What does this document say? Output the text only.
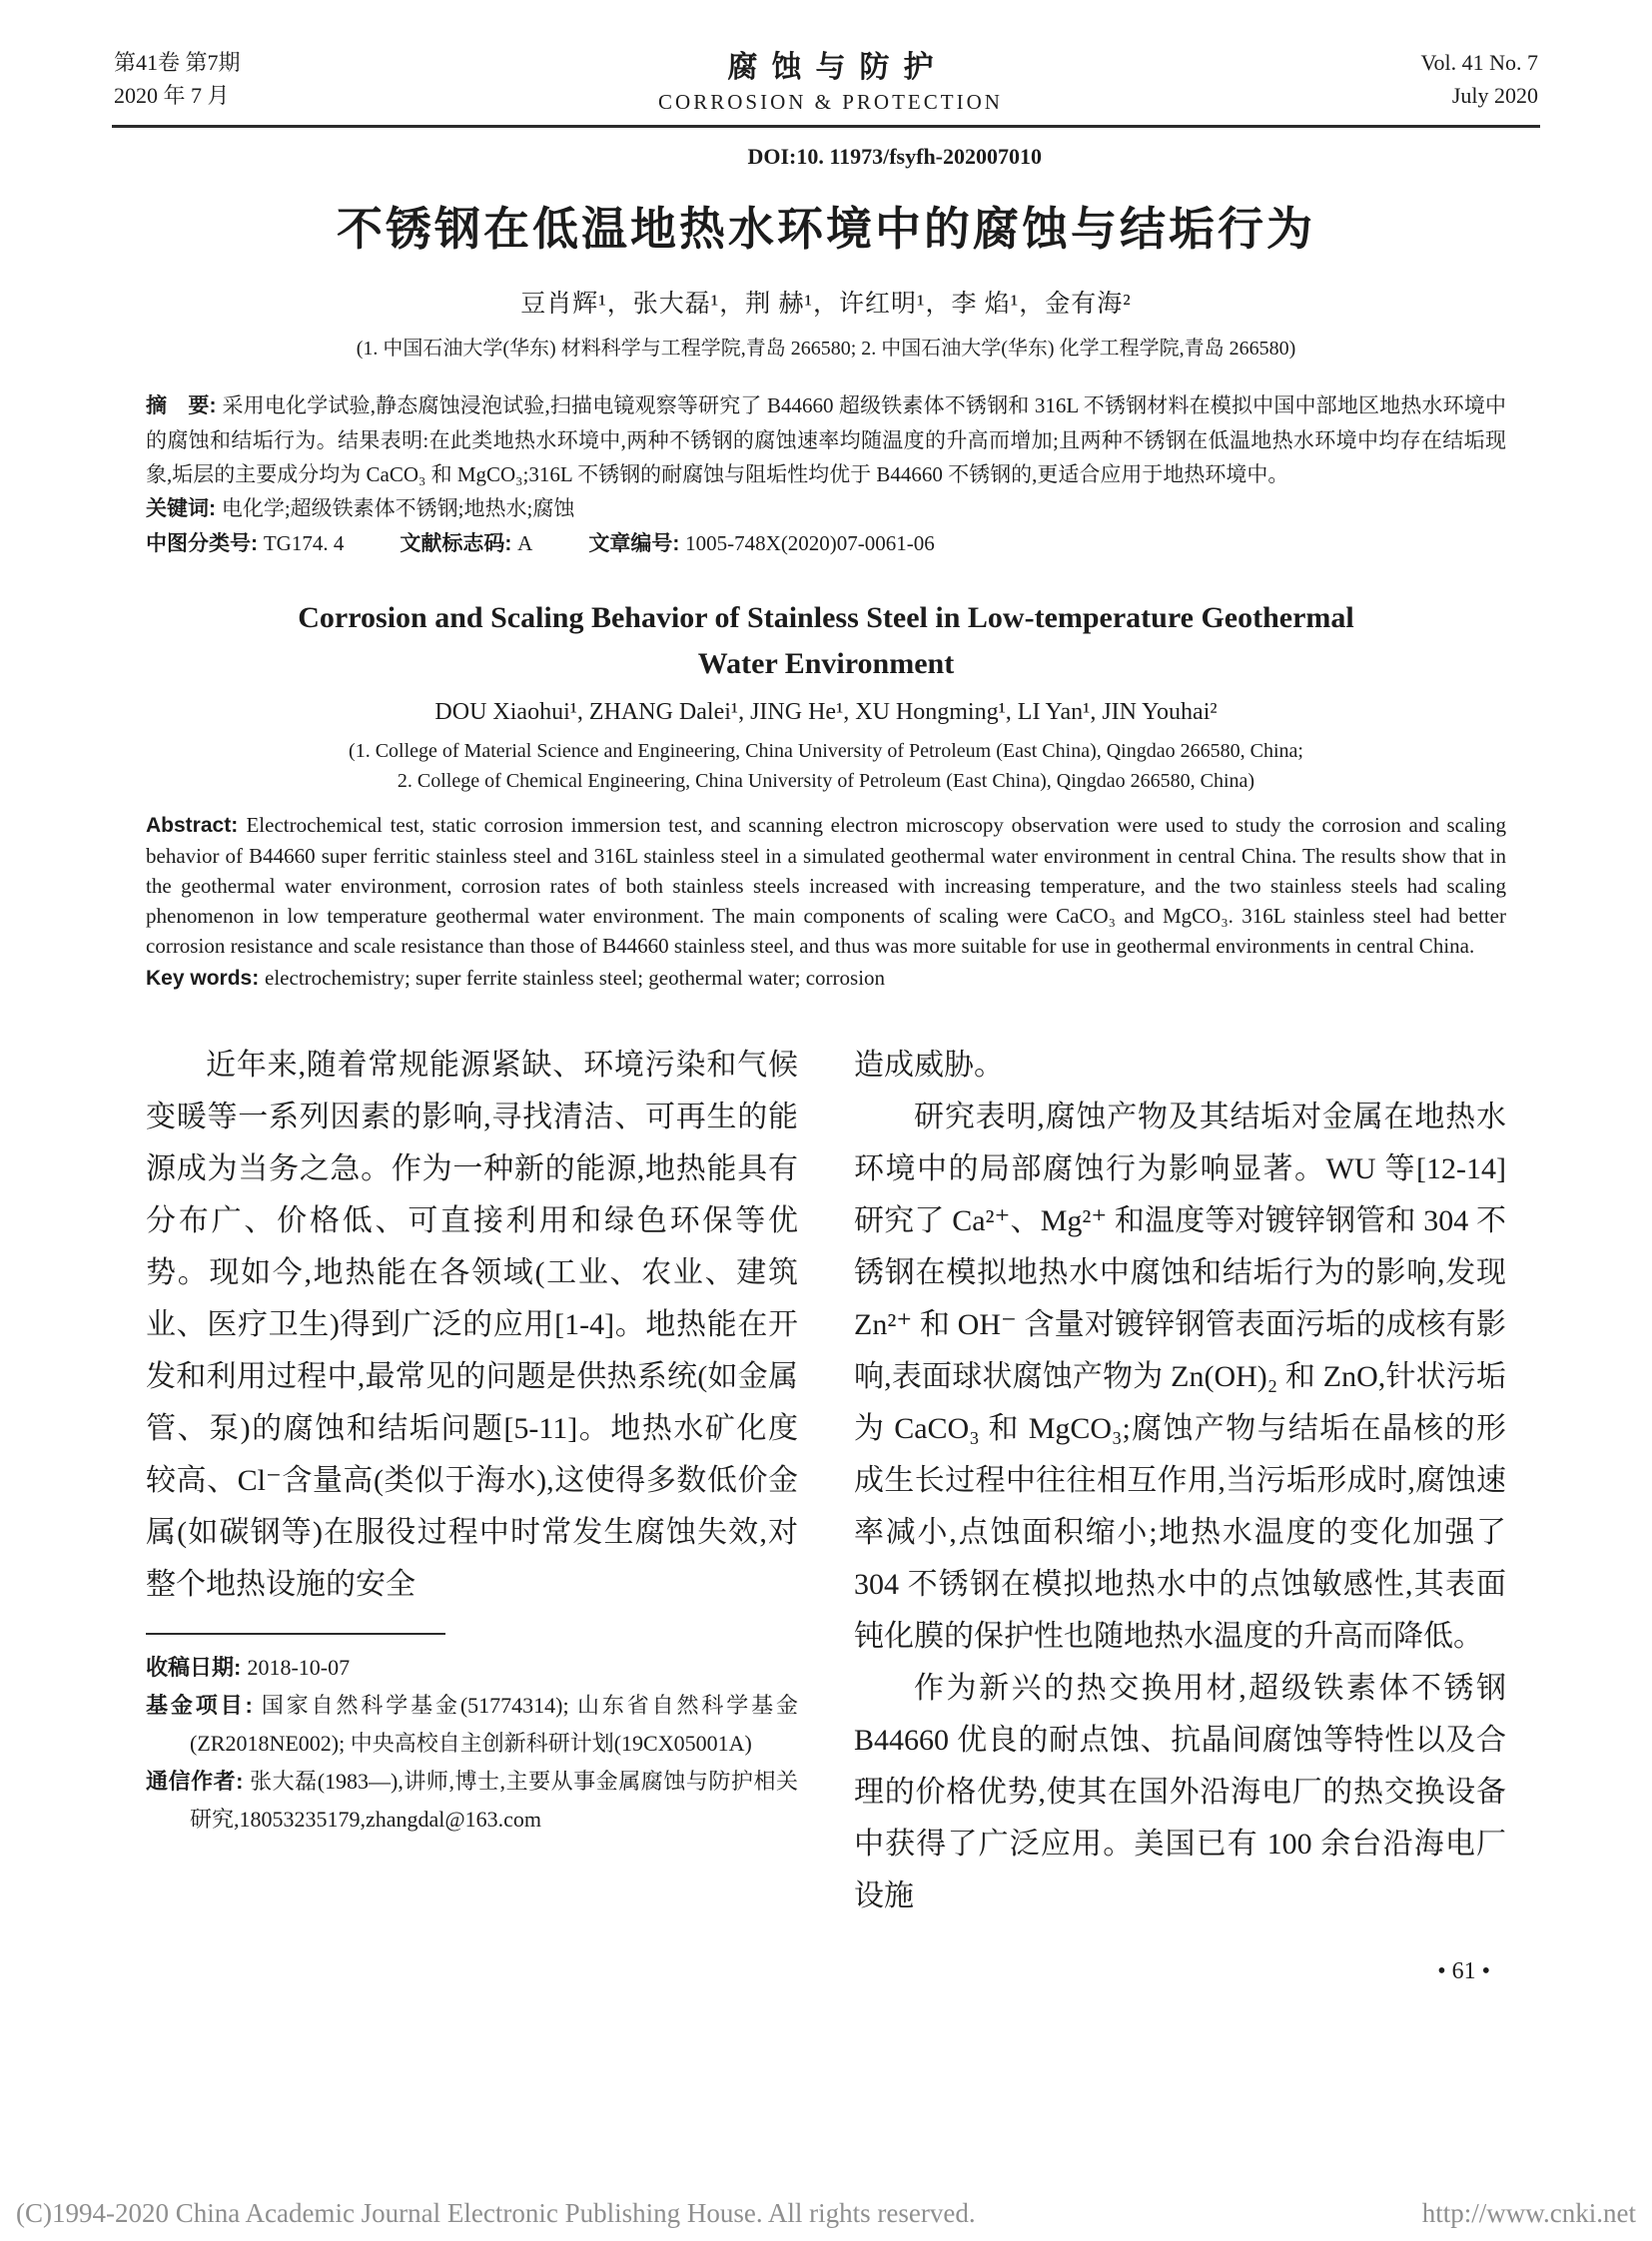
第41卷 第7期
2020 年 7 月
腐蚀与防护
CORROSION & PROTECTION
Vol. 41 No. 7
July 2020
DOI:10. 11973/fsyfh-202007010
不锈钢在低温地热水环境中的腐蚀与结垢行为
豆肖辉¹，张大磊¹，荆 赫¹，许红明¹，李 焰¹，金有海²
(1. 中国石油大学(华东) 材料科学与工程学院,青岛 266580; 2. 中国石油大学(华东) 化学工程学院,青岛 266580)

摘　要: 采用电化学试验,静态腐蚀浸泡试验,扫描电镜观察等研究了 B44660 超级铁素体不锈钢和 316L 不锈钢材料在模拟中国中部地区地热水环境中的腐蚀和结垢行为。结果表明:在此类地热水环境中,两种不锈钢的腐蚀速率均随温度的升高而增加;且两种不锈钢在低温地热水环境中均存在结垢现象,垢层的主要成分均为 CaCO₃ 和 MgCO₃;316L 不锈钢的耐腐蚀与阻垢性均优于 B44660 不锈钢的,更适合应用于地热环境中。

关键词: 电化学;超级铁素体不锈钢;地热水;腐蚀

中图分类号: TG174. 4	文献标志码: A	文章编号: 1005-748X(2020)07-0061-06

Corrosion and Scaling Behavior of Stainless Steel in Low-temperature Geothermal
Water Environment
DOU Xiaohui¹, ZHANG Dalei¹, JING He¹, XU Hongming¹, LI Yan¹, JIN Youhai²
(1. College of Material Science and Engineering, China University of Petroleum (East China), Qingdao 266580, China;
2. College of Chemical Engineering, China University of Petroleum (East China), Qingdao 266580, China)

Abstract: Electrochemical test, static corrosion immersion test, and scanning electron microscopy observation were used to study the corrosion and scaling behavior of B44660 super ferritic stainless steel and 316L stainless steel in a simulated geothermal water environment in central China. The results show that in the geothermal water environment, corrosion rates of both stainless steels increased with increasing temperature, and the two stainless steels had scaling phenomenon in low temperature geothermal water environment. The main components of scaling were CaCO₃ and MgCO₃. 316L stainless steel had better corrosion resistance and scale resistance than those of B44660 stainless steel, and thus was more suitable for use in geothermal environments in central China.

Key words: electrochemistry; super ferrite stainless steel; geothermal water; corrosion

近年来,随着常规能源紧缺、环境污染和气候变暖等一系列因素的影响,寻找清洁、可再生的能源成为当务之急。作为一种新的能源,地热能具有分布广、价格低、可直接利用和绿色环保等优势。现如今,地热能在各领域(工业、农业、建筑业、医疗卫生)得到广泛的应用[1-4]。地热能在开发和利用过程中,最常见的问题是供热系统(如金属管、泵)的腐蚀和结垢问题[5-11]。地热水矿化度较高、Cl⁻含量高(类似于海水),这使得多数低价金属(如碳钢等)在服役过程中时常发生腐蚀失效,对整个地热设施的安全

收稿日期: 2018-10-07

基金项目: 国家自然科学基金(51774314); 山东省自然科学基金(ZR2018NE002); 中央高校自主创新科研计划(19CX05001A)

通信作者: 张大磊(1983—),讲师,博士,主要从事金属腐蚀与防护相关研究,18053235179,zhangdal@163.com

造成威胁。

研究表明,腐蚀产物及其结垢对金属在地热水环境中的局部腐蚀行为影响显著。WU 等[12-14]研究了 Ca²⁺、Mg²⁺ 和温度等对镀锌钢管和 304 不锈钢在模拟地热水中腐蚀和结垢行为的影响,发现 Zn²⁺ 和 OH⁻ 含量对镀锌钢管表面污垢的成核有影响,表面球状腐蚀产物为 Zn(OH)₂ 和 ZnO,针状污垢为 CaCO₃ 和 MgCO₃;腐蚀产物与结垢在晶核的形成生长过程中往往相互作用,当污垢形成时,腐蚀速率减小,点蚀面积缩小;地热水温度的变化加强了 304 不锈钢在模拟地热水中的点蚀敏感性,其表面钝化膜的保护性也随地热水温度的升高而降低。

作为新兴的热交换用材,超级铁素体不锈钢 B44660 优良的耐点蚀、抗晶间腐蚀等特性以及合理的价格优势,使其在国外沿海电厂的热交换设备中获得了广泛应用。美国已有 100 余台沿海电厂设施

• 61 •
(C)1994-2020 China Academic Journal Electronic Publishing House. All rights reserved.	http://www.cnki.net
